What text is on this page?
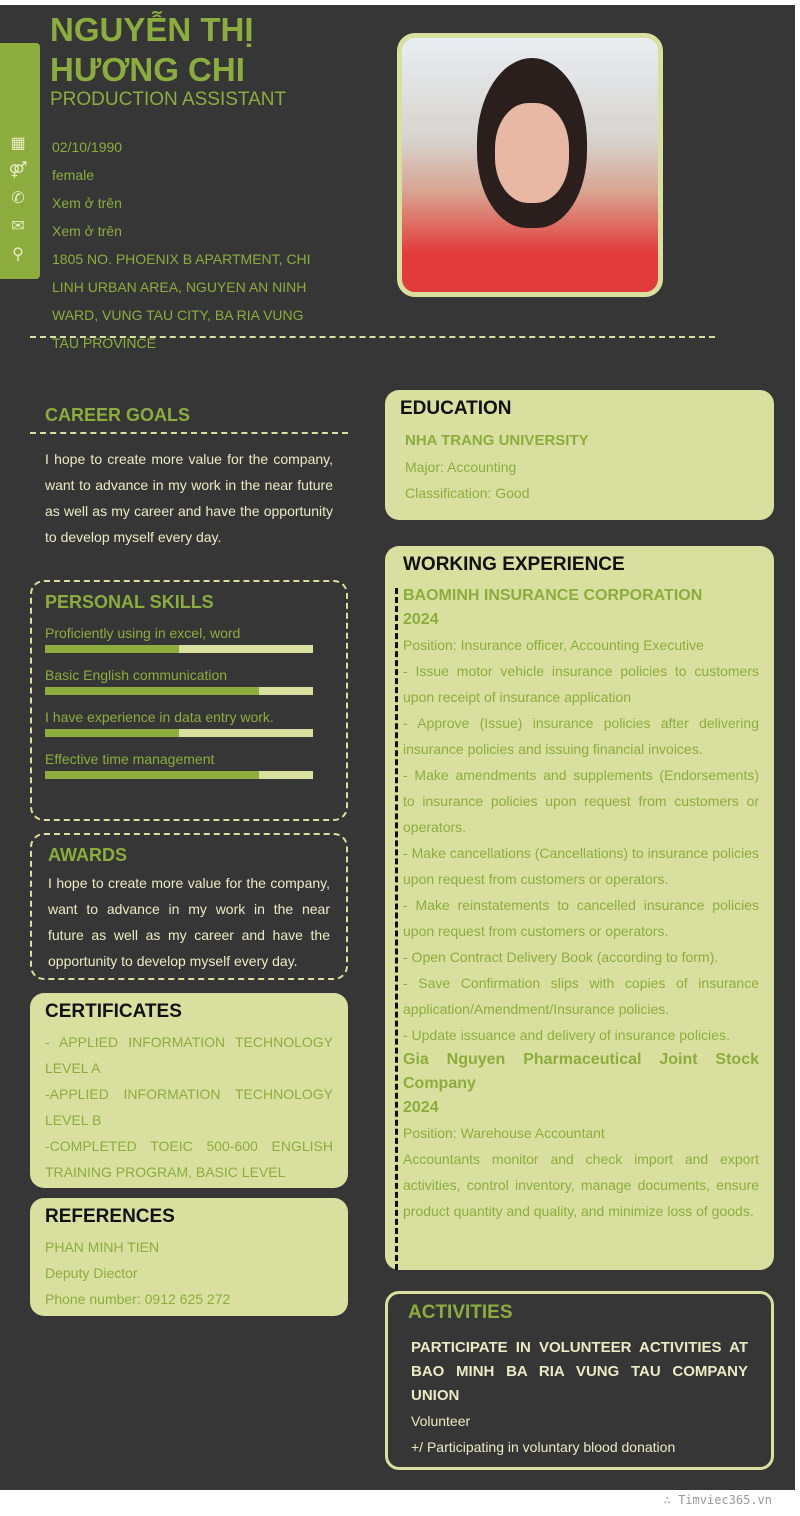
NGUYỄN THỊ
HƯƠNG CHI
PRODUCTION ASSISTANT
▦
⚤
✆
✉
⚲
02/10/1990
female
Xem ở trên
Xem ở trên
1805 NO. PHOENIX B APARTMENT, CHI LINH URBAN AREA, NGUYEN AN NINH WARD, VUNG TAU CITY, BA RIA VUNG TAU PROVINCE
CAREER GOALS
I hope to create more value for the company, want to advance in my work in the near future as well as my career and have the opportunity to develop myself every day.
PERSONAL SKILLS
Proficiently using in excel, word
Basic English communication
I have experience in data entry work.
Effective time management
AWARDS
I hope to create more value for the company, want to advance in my work in the near future as well as my career and have the opportunity to develop myself every day.
CERTIFICATES
- APPLIED INFORMATION TECHNOLOGY LEVEL A
-APPLIED INFORMATION TECHNOLOGY LEVEL B
-COMPLETED TOEIC 500-600 ENGLISH TRAINING PROGRAM, BASIC LEVEL
REFERENCES
PHAN MINH TIEN
Deputy Diector
Phone number: 0912 625 272
EDUCATION
NHA TRANG UNIVERSITY
Major: Accounting
Classification: Good
WORKING EXPERIENCE
BAOMINH INSURANCE CORPORATION
2024
Position: Insurance officer, Accounting Executive
- Issue motor vehicle insurance policies to customers upon receipt of insurance application
- Approve (Issue) insurance policies after delivering insurance policies and issuing financial invoices.
- Make amendments and supplements (Endorsements) to insurance policies upon request from customers or operators.
- Make cancellations (Cancellations) to insurance policies upon request from customers or operators.
- Make reinstatements to cancelled insurance policies upon request from customers or operators.
- Open Contract Delivery Book (according to form).
- Save Confirmation slips with copies of insurance application/Amendment/Insurance policies.
- Update issuance and delivery of insurance policies.
Gia Nguyen Pharmaceutical Joint Stock Company
2024
Position: Warehouse Accountant
Accountants monitor and check import and export activities, control inventory, manage documents, ensure product quantity and quality, and minimize loss of goods.
ACTIVITIES
PARTICIPATE IN VOLUNTEER ACTIVITIES AT BAO MINH BA RIA VUNG TAU COMPANY UNION
Volunteer
+/ Participating in voluntary blood donation
∴ Timviec365.vn
